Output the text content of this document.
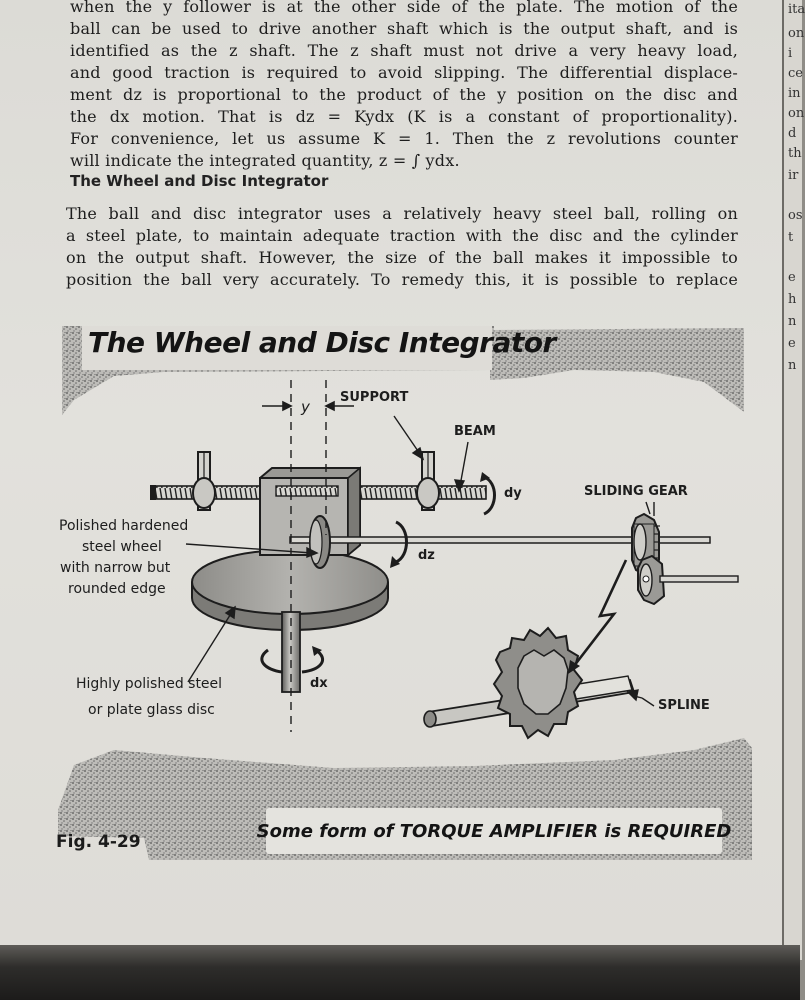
when the y follower is at the other side of the plate. The motion of the
ball can be used to drive another shaft which is the output shaft, and is
identified as the z shaft. The z shaft must not drive a very heavy load,
and good traction is required to avoid slipping. The differential displace-
ment dz is proportional to the product of the y position on the disc and
the dx motion. That is dz = Kydx (K is a constant of proportionality).
For convenience, let us assume K = 1. Then the z revolutions counter
will indicate the integrated quantity, z = ∫ ydx.
The Wheel and Disc Integrator
The ball and disc integrator uses a relatively heavy steel ball, rolling on
a steel plate, to maintain adequate traction with the disc and the cylinder
on the output shaft. However, the size of the ball makes it impossible to
position the ball very accurately. To remedy this, it is possible to replace
The Wheel and Disc Integrator
SUPPORT
BEAM
y
dy	SLIDING GEAR
dz
Polished hardened
steel wheel
with narrow but
rounded edge
Highly polished steel
or plate glass disc
dx
SPLINE
Some form of TORQUE AMPLIFIER is REQUIRED
Fig. 4-29
ita
on
i
ce
in
on
d
th
ir
os
t
e
h
n
e
n
